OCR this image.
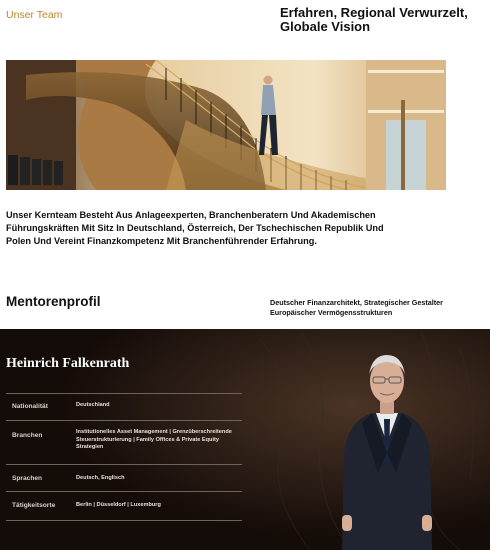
Unser Team	Erfahren, Regional Verwurzelt, Globale Vision
Unser Kernteam Besteht Aus Anlageexperten, Branchenberatern Und Akademischen Führungskräften Mit Sitz In Deutschland, Österreich, Der Tschechischen Republik Und Polen Und Vereint Finanzkompetenz Mit Branchenführender Erfahrung.
Mentorenprofil	Deutscher Finanzarchitekt, Strategischer Gestalter Europäischer Vermögensstrukturen
Heinrich Falkenrath
Nationalität	Deutschland
Branchen	Institutionelles Asset Management | Grenzüberschreitende Steuerstrukturierung | Family Offices & Private Equity Strategien
Sprachen	Deutsch, Englisch
Tätigkeitsorte	Berlin | Düsseldorf | Luxemburg
